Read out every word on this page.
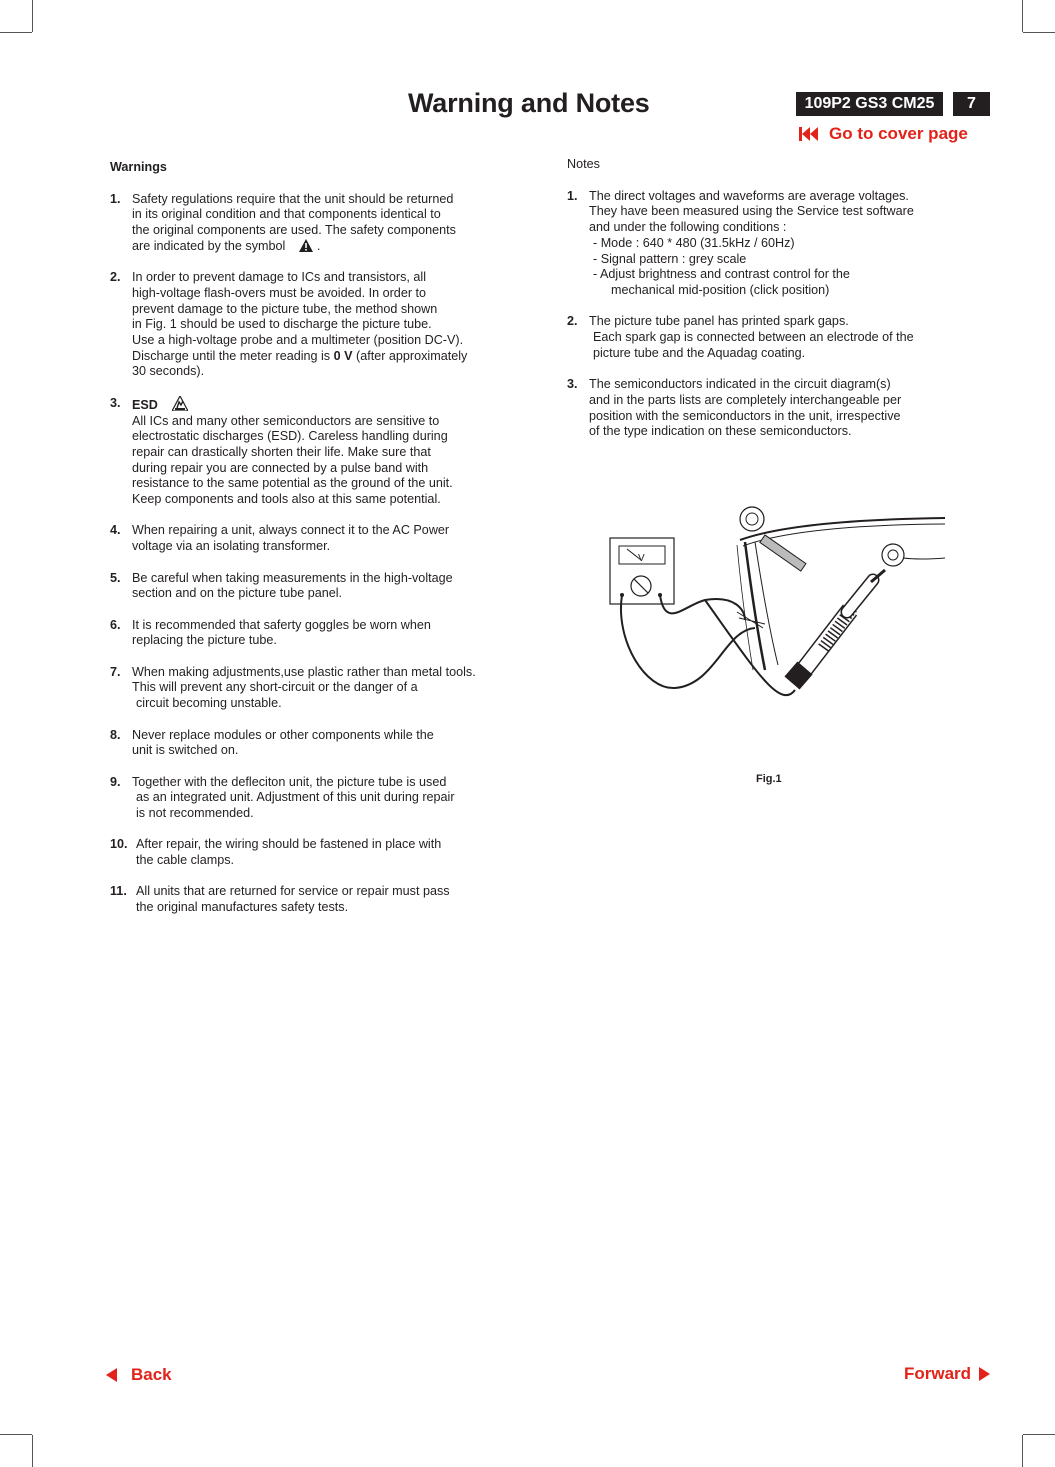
Warning and Notes	109P2 GS3 CM25	7
Go to cover page
Warnings
1. Safety regulations require that the unit should be returned
in its original condition and that components identical to
the original components are used. The safety components
are indicated by the symbol	.
2. In order to prevent damage to ICs and transistors, all
high-voltage flash-overs must be avoided. In order to
prevent damage to the picture tube, the method shown
in Fig. 1 should be used to discharge the picture tube.
Use a high-voltage probe and a multimeter (position DC-V).
Discharge until the meter reading is 0 V (after approximately
30 seconds).
3. ESD
All ICs and many other semiconductors are sensitive to
electrostatic discharges (ESD). Careless handling during
repair can drastically shorten their life. Make sure that
during repair you are connected by a pulse band with
resistance to the same potential as the ground of the unit.
Keep components and tools also at this same potential.
4. When repairing a unit, always connect it to the AC Power
voltage via an isolating transformer.
5. Be careful when taking measurements in the high-voltage
section and on the picture tube panel.
6. It is recommended that saferty goggles be worn when
replacing the picture tube.
7. When making adjustments,use plastic rather than metal tools.
This will prevent any short-circuit or the danger of a
circuit becoming unstable.
8. Never replace modules or other components while the
unit is switched on.
9. Together with the defleciton unit, the picture tube is used
as an integrated unit. Adjustment of this unit during repair
is not recommended.
10. After repair, the wiring should be fastened in place with
the cable clamps.
11. All units that are returned for service or repair must pass
the original manufactures safety tests.
Notes
1. The direct voltages and waveforms are average voltages.
They have been measured using the Service test software
and under the following conditions :
- Mode : 640 * 480 (31.5kHz / 60Hz)
- Signal pattern : grey scale
- Adjust brightness and contrast control for the
mechanical mid-position (click position)
2. The picture tube panel has printed spark gaps.
Each spark gap is connected between an electrode of the
picture tube and the Aquadag coating.
3. The semiconductors indicated in the circuit diagram(s)
and in the parts lists are completely interchangeable per
position with the semiconductors in the unit, irrespective
of the type indication on these semiconductors.
V
Fig.1
Back	Forward
